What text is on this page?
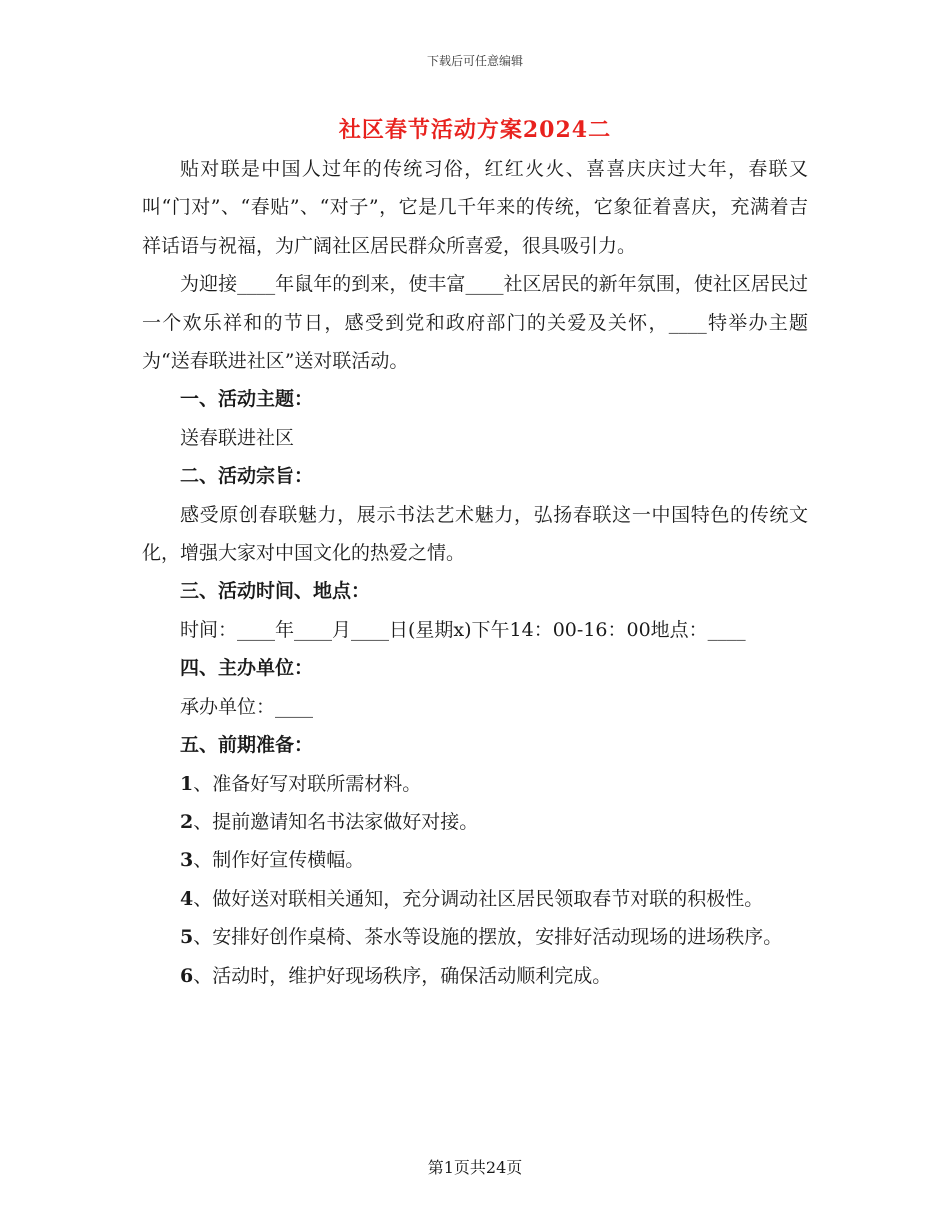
下载后可任意编辑
社区春节活动方案2024二

贴对联是中国人过年的传统习俗，红红火火、喜喜庆庆过大年，春联又叫“门对”、“春贴”、“对子”，它是几千年来的传统，它象征着喜庆，充满着吉祥话语与祝福，为广阔社区居民群众所喜爱，很具吸引力。

为迎接____年鼠年的到来，使丰富____社区居民的新年氛围，使社区居民过一个欢乐祥和的节日，感受到党和政府部门的关爱及关怀，____特举办主题为“送春联进社区”送对联活动。

一、活动主题：

送春联进社区

二、活动宗旨：

感受原创春联魅力，展示书法艺术魅力，弘扬春联这一中国特色的传统文化，增强大家对中国文化的热爱之情。

三、活动时间、地点：

时间：____年____月____日(星期x)下午14：00-16：00地点：____

四、主办单位：

承办单位：____

五、前期准备：

1、准备好写对联所需材料。

2、提前邀请知名书法家做好对接。

3、制作好宣传横幅。

4、做好送对联相关通知，充分调动社区居民领取春节对联的积极性。

5、安排好创作桌椅、茶水等设施的摆放，安排好活动现场的进场秩序。

6、活动时，维护好现场秩序，确保活动顺利完成。

第1页共24页
